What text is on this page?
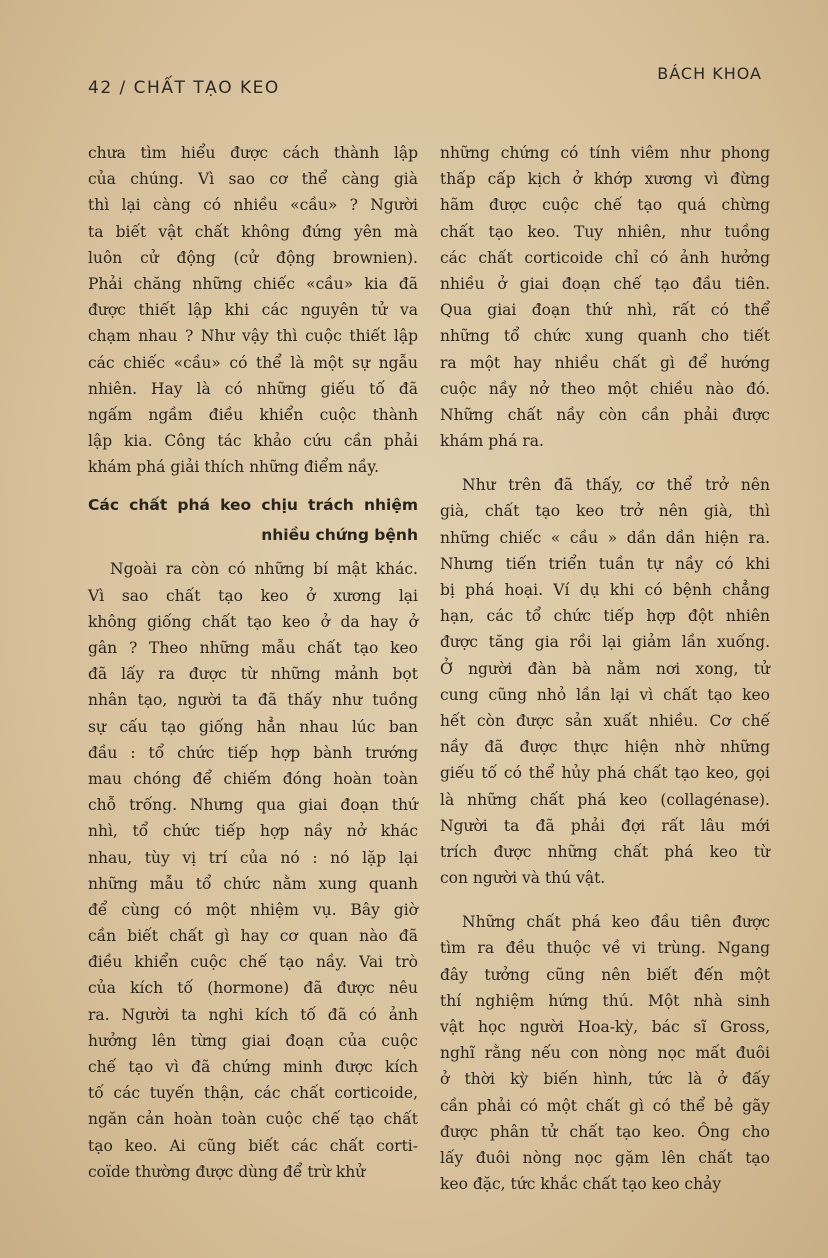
42 / CHẤT TẠO KEO
BÁCH KHOA
chưa tìm hiểu được cách thành lập
của chúng. Vì sao cơ thể càng già
thì lại càng có nhiều «cầu» ? Người
ta biết vật chất không đứng yên mà
luôn cử động (cử động brownien).
Phải chăng những chiếc «cầu» kia đã
được thiết lập khi các nguyên tử va
chạm nhau ? Như vậy thì cuộc thiết lập
các chiếc «cầu» có thể là một sự ngẫu
nhiên. Hay là có những giếu tố đã
ngấm ngầm điều khiển cuộc thành
lập kia. Công tác khảo cứu cần phải
khám phá giải thích những điểm nầy.
Các chất phá keo chịu trách nhiệm
nhiều chứng bệnh
Ngoài ra còn có những bí mật khác.
Vì sao chất tạo keo ở xương lại
không giống chất tạo keo ở da hay ở
gân ? Theo những mẫu chất tạo keo
đã lấy ra được từ những mảnh bọt
nhân tạo, người ta đã thấy như tuồng
sự cấu tạo giống hẳn nhau lúc ban
đầu : tổ chức tiếp hợp bành trướng
mau chóng để chiếm đóng hoàn toàn
chỗ trống. Nhưng qua giai đoạn thứ
nhì, tổ chức tiếp hợp nầy nở khác
nhau, tùy vị trí của nó : nó lặp lại
những mẫu tổ chức nằm xung quanh
để cùng có một nhiệm vụ. Bây giờ
cần biết chất gì hay cơ quan nào đã
điều khiển cuộc chế tạo nầy. Vai trò
của kích tố (hormone) đã được nêu
ra. Người ta nghi kích tố đã có ảnh
hưởng lên từng giai đoạn của cuộc
chế tạo vì đã chứng minh được kích
tố các tuyến thận, các chất corticoide,
ngăn cản hoàn toàn cuộc chế tạo chất
tạo keo. Ai cũng biết các chất corti-
coïde thường được dùng để trừ khử
những chứng có tính viêm như phong
thấp cấp kịch ở khớp xương vì đừng
hãm được cuộc chế tạo quá chừng
chất tạo keo. Tuy nhiên, như tuồng
các chất corticoide chỉ có ảnh hưởng
nhiều ở giai đoạn chế tạo đầu tiên.
Qua giai đoạn thứ nhì, rất có thể
những tổ chức xung quanh cho tiết
ra một hay nhiều chất gì để hướng
cuộc nầy nở theo một chiều nào đó.
Những chất nầy còn cần phải được
khám phá ra.
Như trên đã thấy, cơ thể trở nên
già, chất tạo keo trở nên già, thì
những chiếc « cầu » dần dần hiện ra.
Nhưng tiến triển tuần tự nầy có khi
bị phá hoại. Ví dụ khi có bệnh chẳng
hạn, các tổ chức tiếp hợp đột nhiên
được tăng gia rồi lại giảm lần xuống.
Ở người đàn bà nằm nơi xong, tử
cung cũng nhỏ lần lại vì chất tạo keo
hết còn được sản xuất nhiều. Cơ chế
nầy đã được thực hiện nhờ những
giếu tố có thể hủy phá chất tạo keo, gọi
là những chất phá keo (collagénase).
Người ta đã phải đợi rất lâu mới
trích được những chất phá keo từ
con người và thú vật.
Những chất phá keo đầu tiên được
tìm ra đều thuộc về vi trùng. Ngang
đây tưởng cũng nên biết đến một
thí nghiệm hứng thú. Một nhà sinh
vật học người Hoa-kỳ, bác sĩ Gross,
nghĩ rằng nếu con nòng nọc mất đuôi
ở thời kỳ biến hình, tức là ở đấy
cần phải có một chất gì có thể bẻ gãy
được phân tử chất tạo keo. Ông cho
lấy đuôi nòng nọc gặm lên chất tạo
keo đặc, tức khắc chất tạo keo chảy
